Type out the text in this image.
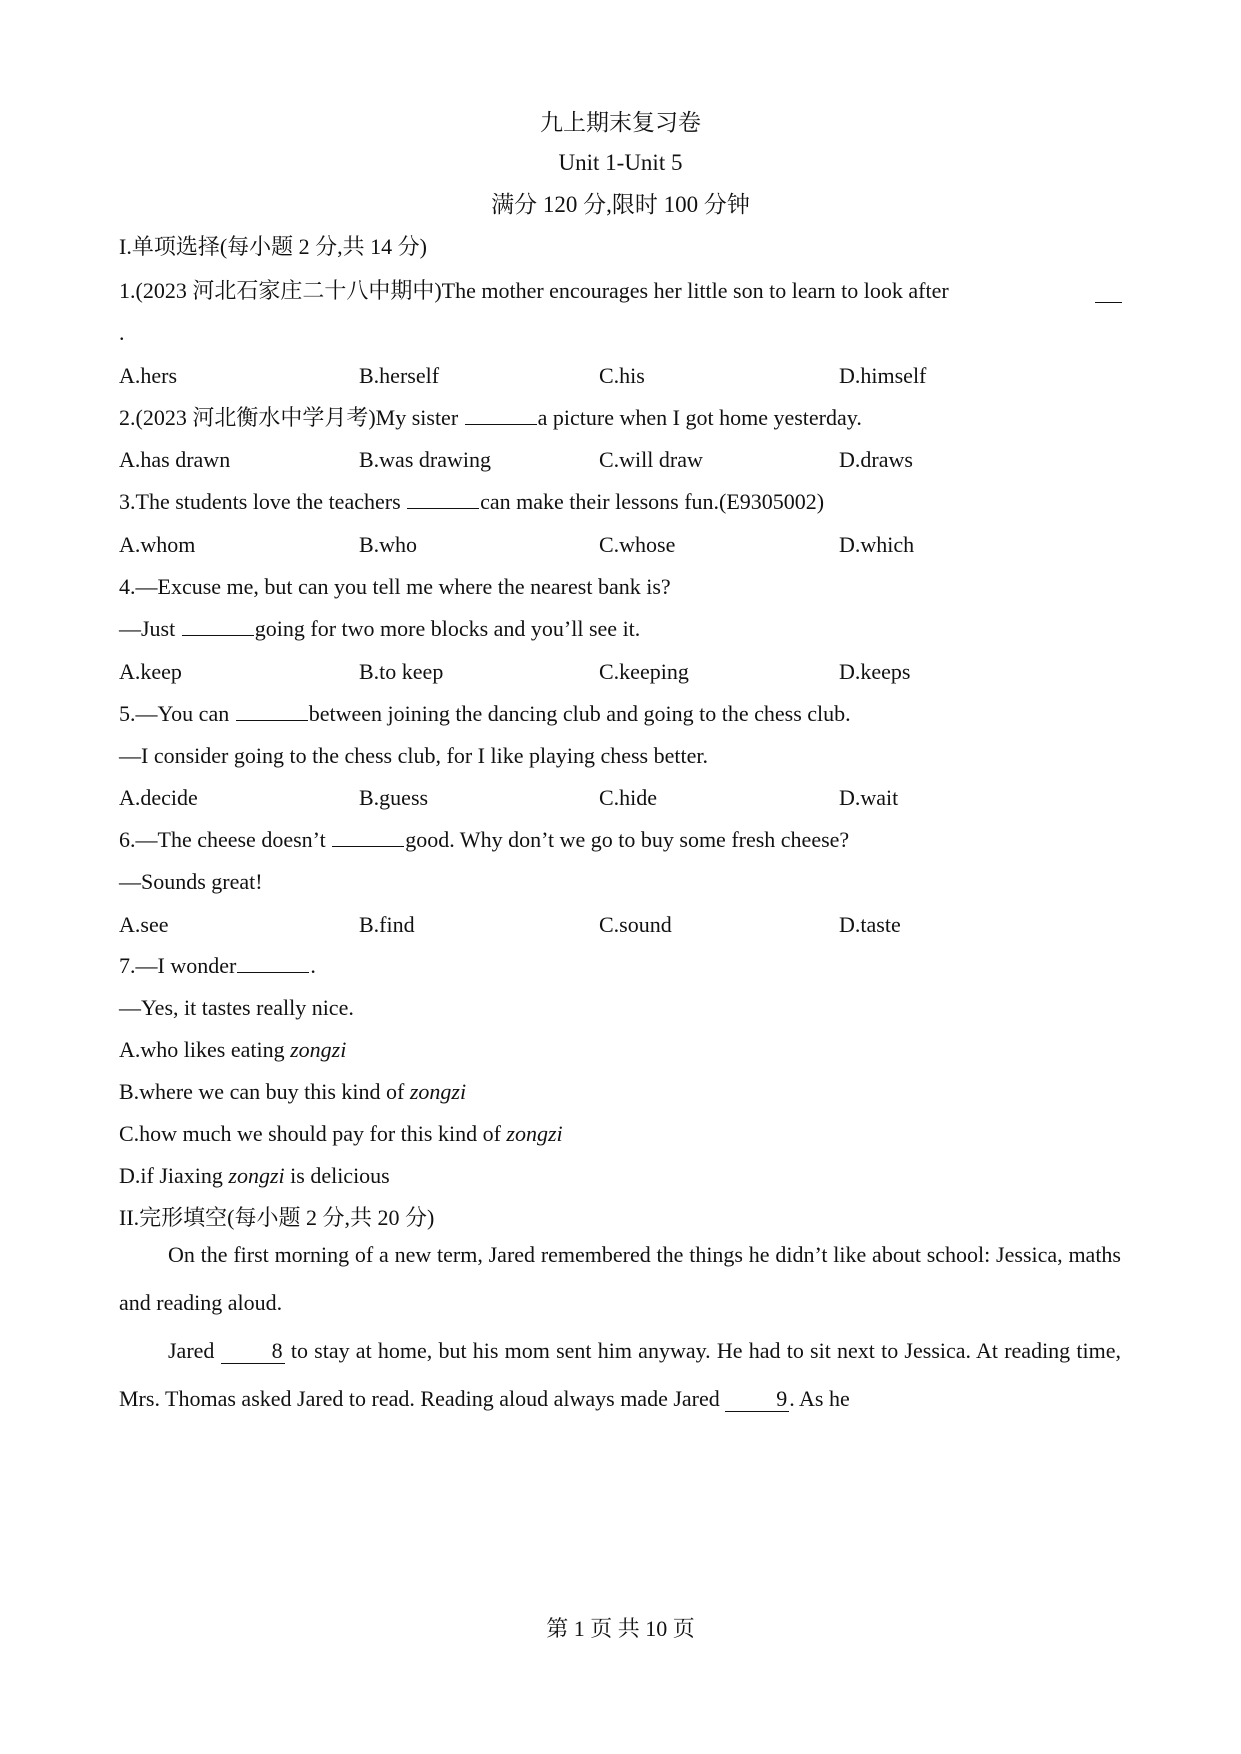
九上期末复习卷
Unit 1-Unit 5
满分 120 分,限时 100 分钟
I.单项选择(每小题 2 分,共 14 分)
1.(2023 河北石家庄二十八中期中)The mother encourages her little son to learn to look after
.
A.hers	B.herself	C.his	D.himself
2.(2023 河北衡水中学月考)My sister	a picture when I got home yesterday.
A.has drawn	B.was drawing	C.will draw	D.draws
3.The students love the teachers	can make their lessons fun.(E9305002)
A.whom	B.who	C.whose	D.which
4.—Excuse me, but can you tell me where the nearest bank is?
—Just	going for two more blocks and you’ll see it.
A.keep	B.to keep	C.keeping	D.keeps
5.—You can	between joining the dancing club and going to the chess club.
—I consider going to the chess club, for I like playing chess better.
A.decide	B.guess	C.hide	D.wait
6.—The cheese doesn’t	good. Why don’t we go to buy some fresh cheese?
—Sounds great!
A.see	B.find	C.sound	D.taste
7.—I wonder	.
—Yes, it tastes really nice.
A.who likes eating zongzi
B.where we can buy this kind of zongzi
C.how much we should pay for this kind of zongzi
D.if Jiaxing zongzi is delicious
II.完形填空(每小题 2 分,共 20 分)
On the first morning of a new term, Jared remembered the things he didn’t like about school: Jessica, maths and reading aloud.
Jared 8 to stay at home, but his mom sent him anyway. He had to sit next to Jessica. At reading time, Mrs. Thomas asked Jared to read. Reading aloud always made Jared 9. As he
第 1 页 共 10 页
